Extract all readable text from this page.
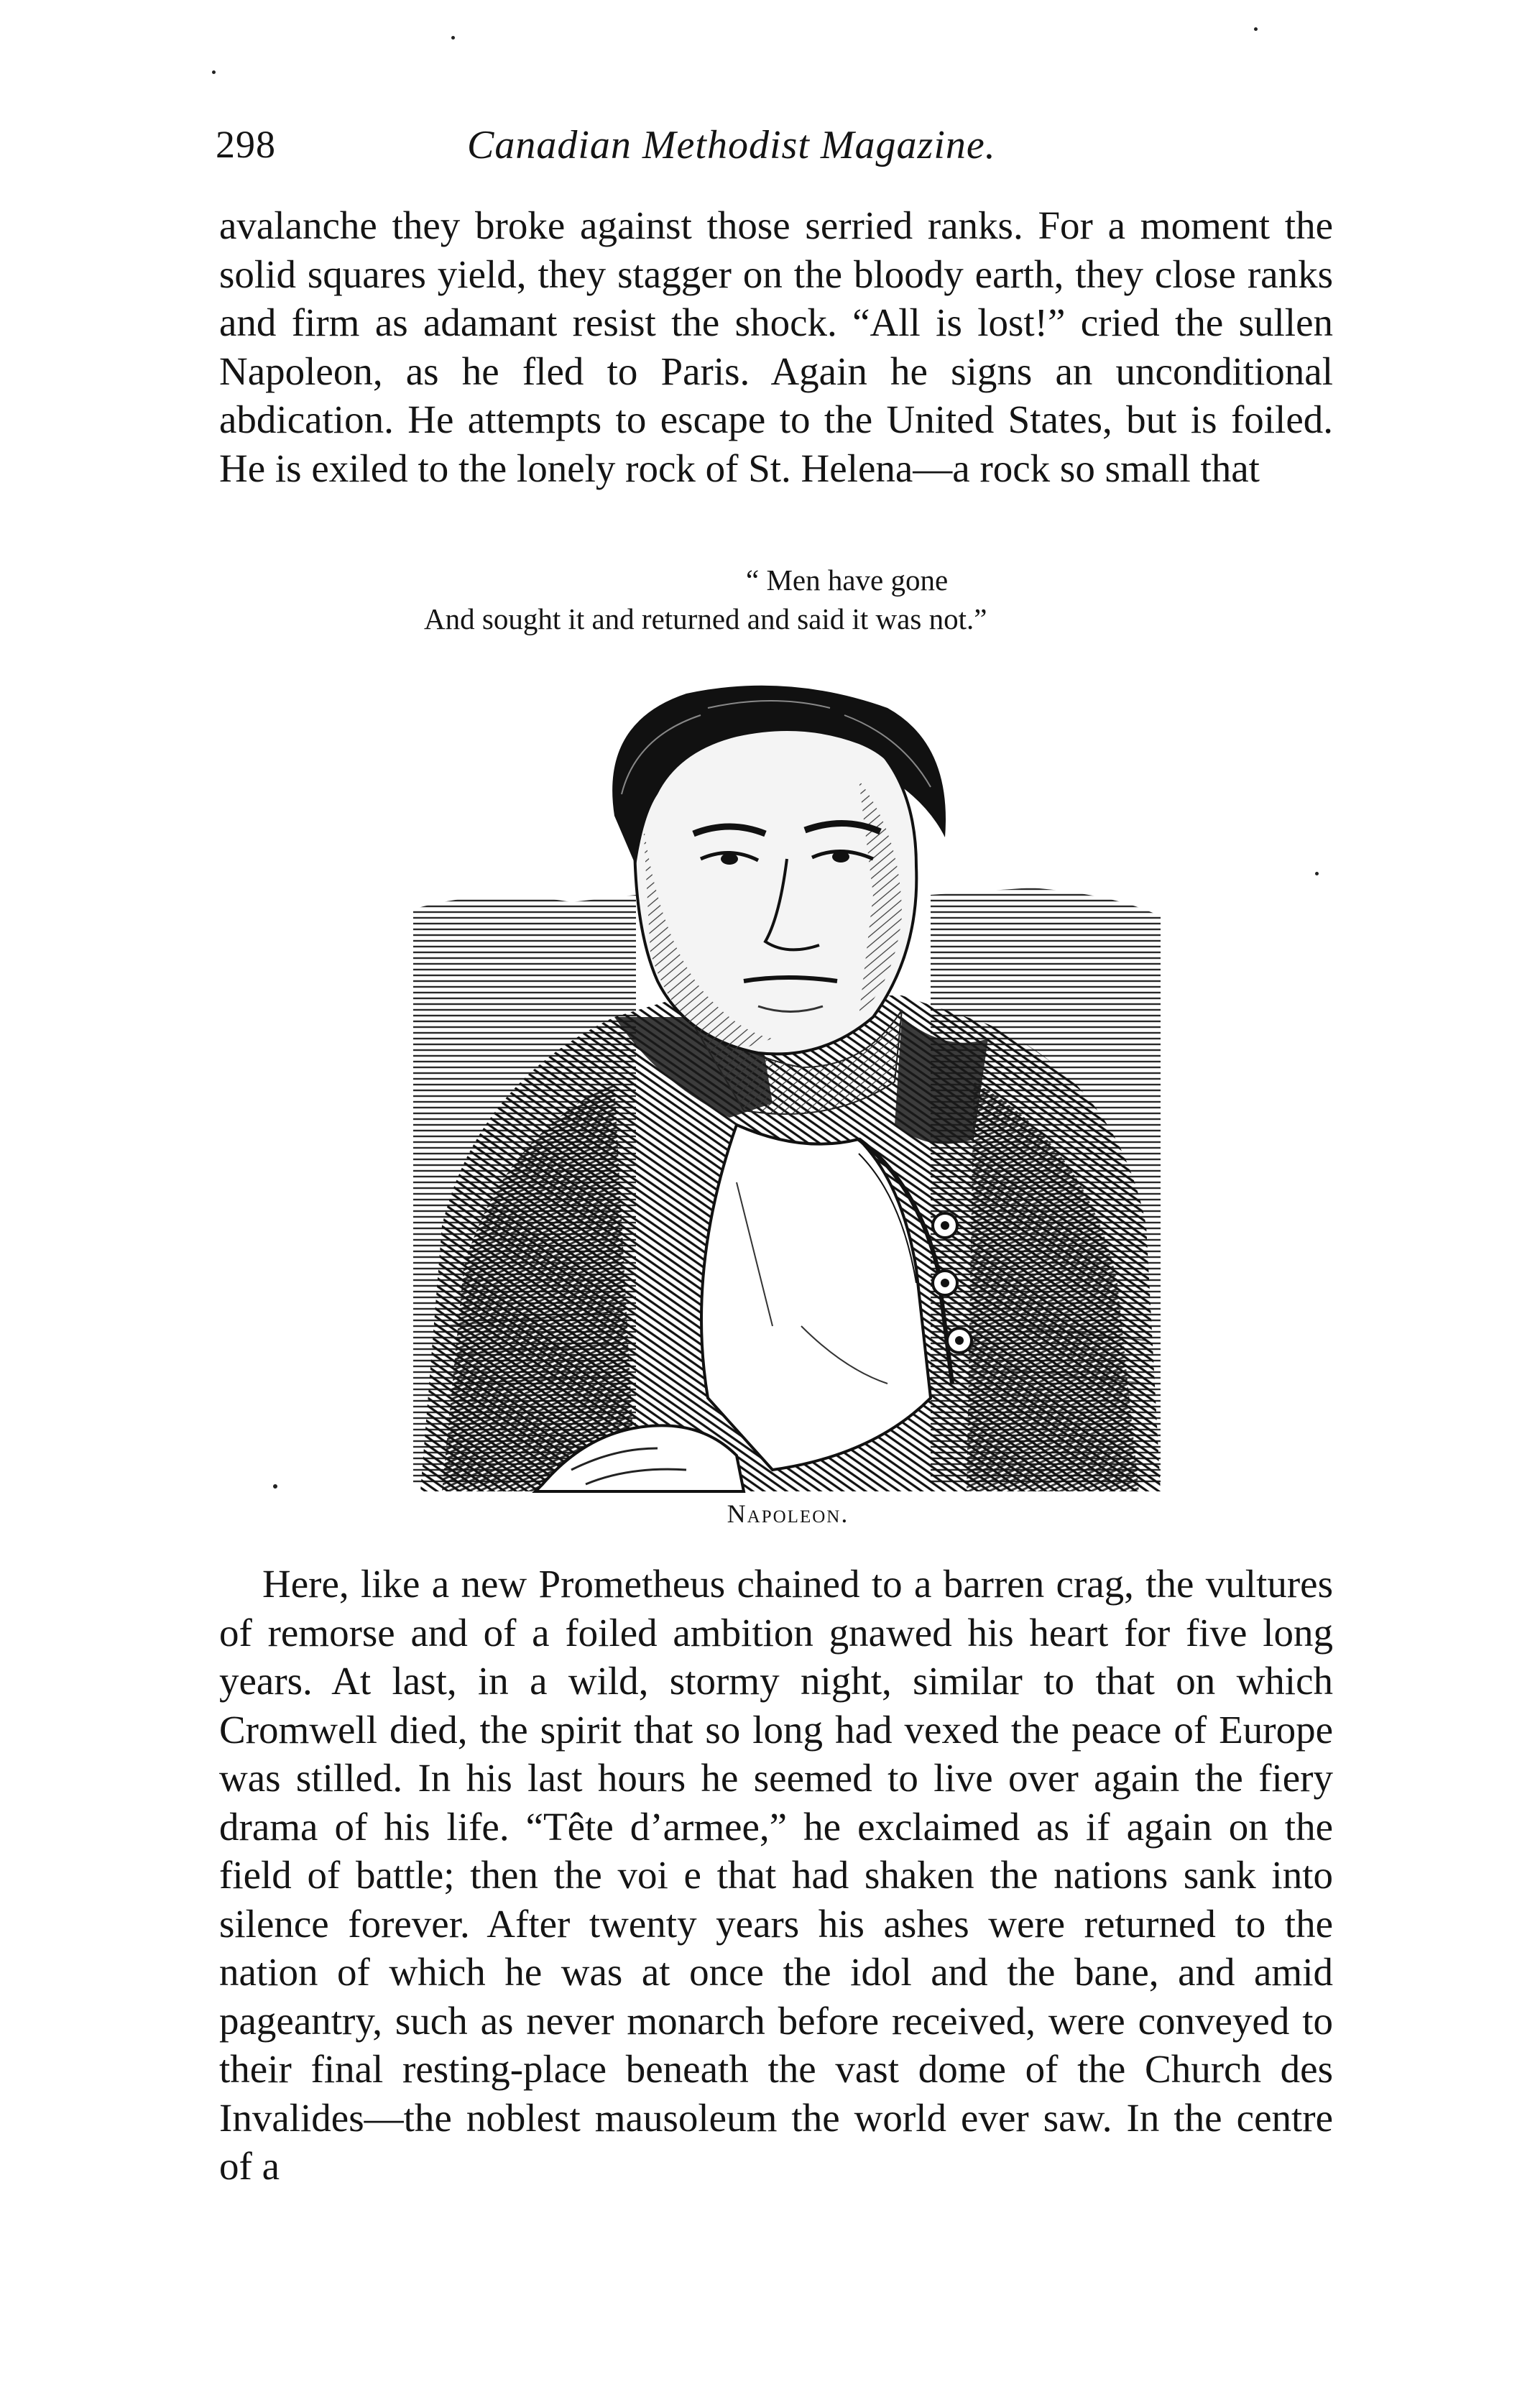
298	Canadian Methodist Magazine.

avalanche they broke against those serried ranks. For a moment the solid squares yield, they stagger on the bloody earth, they close ranks and firm as adamant resist the shock. “All is lost!” cried the sullen Napoleon, as he fled to Paris. Again he signs an unconditional abdication. He attempts to escape to the United States, but is foiled. He is exiled to the lonely rock of St. Helena—a rock so small that

“ Men have gone
And sought it and returned and said it was not.”
Napoleon.

Here, like a new Prometheus chained to a barren crag, the vultures of remorse and of a foiled ambition gnawed his heart for five long years. At last, in a wild, stormy night, similar to that on which Cromwell died, the spirit that so long had vexed the peace of Europe was stilled. In his last hours he seemed to live over again the fiery drama of his life. “Tête d’armee,” he exclaimed as if again on the field of battle; then the voi e that had shaken the nations sank into silence forever. After twenty years his ashes were returned to the nation of which he was at once the idol and the bane, and amid pageantry, such as never monarch before received, were conveyed to their final resting-place beneath the vast dome of the Church des Invalides—the noblest mausoleum the world ever saw. In the centre of a
